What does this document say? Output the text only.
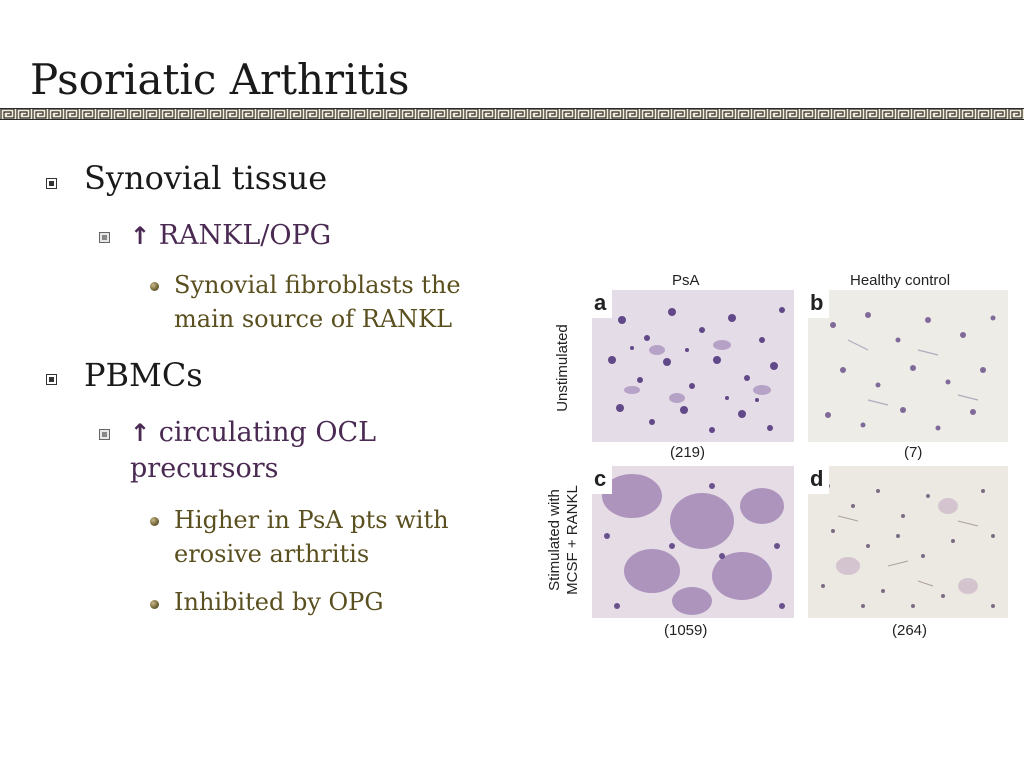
Psoriatic Arthritis
Synovial tissue
↑ RANKL/OPG
Synovial fibroblasts the
main source of RANKL
PBMCs
↑ circulating OCL
precursors
Higher in PsA pts with
erosive arthritis
Inhibited by OPG
PsA	Healthy control
Unstimulated
Stimulated with MCSF + RANKL
a	b
(219)	(7)
c	d
(1059)	(264)
